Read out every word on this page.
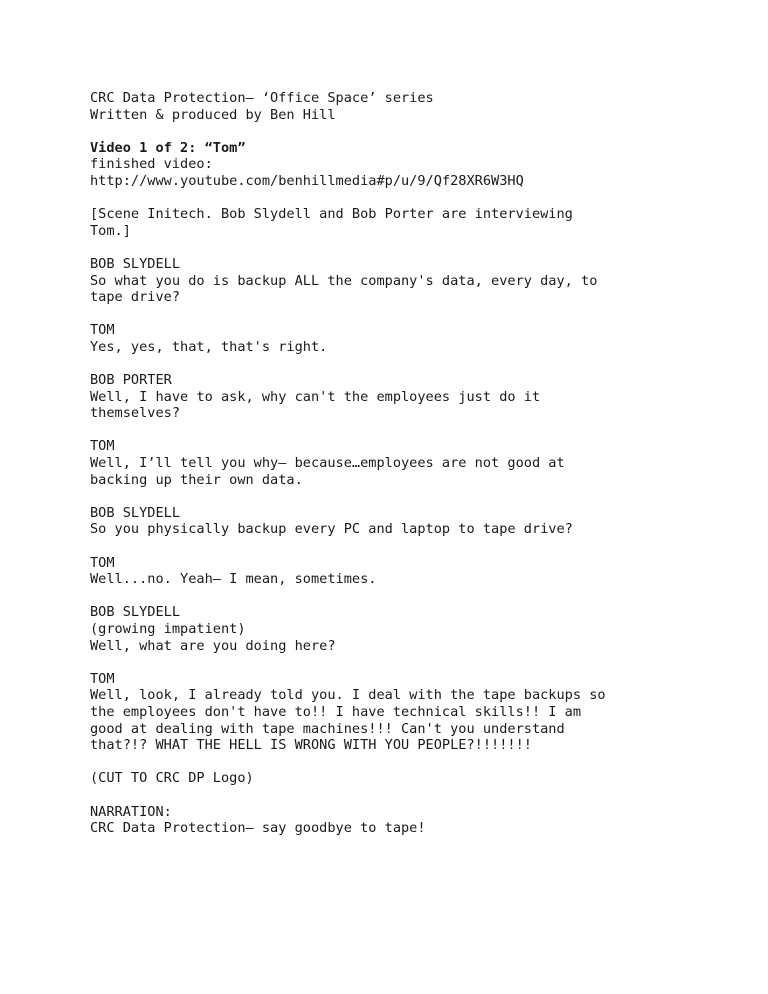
CRC Data Protection– ‘Office Space’ series
Written & produced by Ben Hill
Video 1 of 2: “Tom”
finished video:
http://www.youtube.com/benhillmedia#p/u/9/Qf28XR6W3HQ
[Scene Initech. Bob Slydell and Bob Porter are interviewing
Tom.]
BOB SLYDELL
So what you do is backup ALL the company's data, every day, to
tape drive?
TOM
Yes, yes, that, that's right.
BOB PORTER
Well, I have to ask, why can't the employees just do it
themselves?
TOM
Well, I’ll tell you why– because…employees are not good at
backing up their own data.
BOB SLYDELL
So you physically backup every PC and laptop to tape drive?
TOM
Well...no. Yeah– I mean, sometimes.
BOB SLYDELL
(growing impatient)
Well, what are you doing here?
TOM
Well, look, I already told you. I deal with the tape backups so
the employees don't have to!! I have technical skills!! I am
good at dealing with tape machines!!! Can't you understand
that?!? WHAT THE HELL IS WRONG WITH YOU PEOPLE?!!!!!!!
(CUT TO CRC DP Logo)
NARRATION:
CRC Data Protection– say goodbye to tape!
